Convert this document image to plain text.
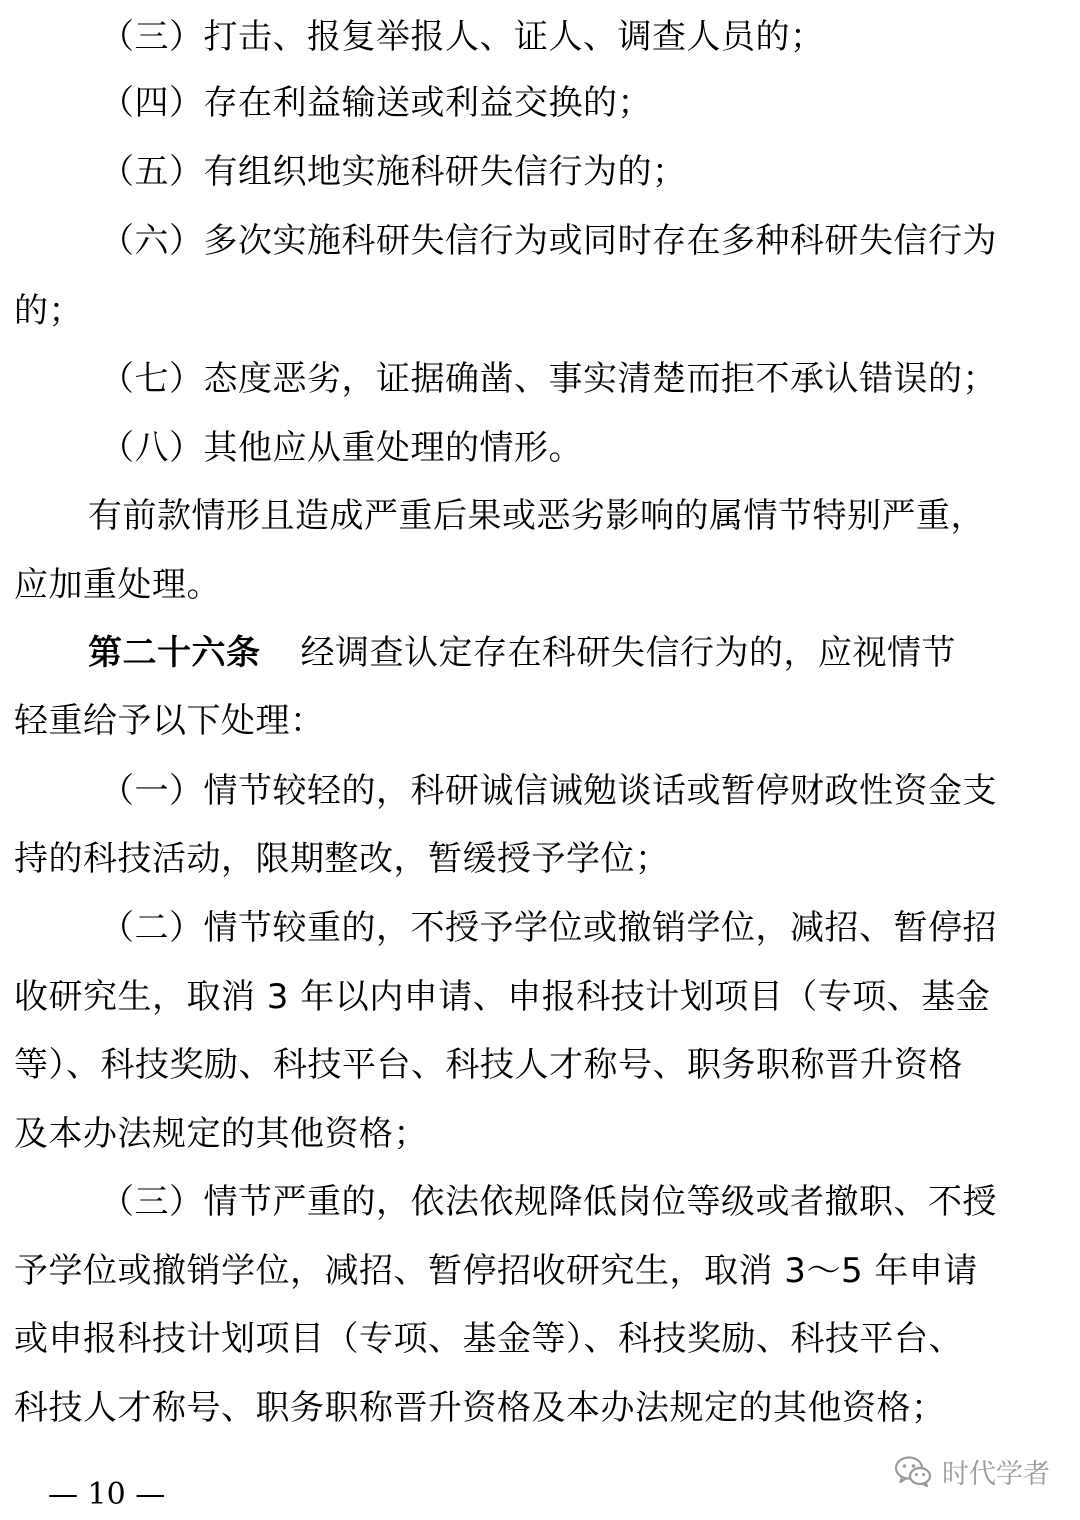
（三）打击、报复举报人、证人、调查人员的；
（四）存在利益输送或利益交换的；
（五）有组织地实施科研失信行为的；
（六）多次实施科研失信行为或同时存在多种科研失信行为
的；
（七）态度恶劣，证据确凿、事实清楚而拒不承认错误的；
（八）其他应从重处理的情形。
有前款情形且造成严重后果或恶劣影响的属情节特别严重，
应加重处理。
第二十六条 经调查认定存在科研失信行为的，应视情节
轻重给予以下处理：
（一）情节较轻的，科研诚信诫勉谈话或暂停财政性资金支
持的科技活动，限期整改，暂缓授予学位；
（二）情节较重的，不授予学位或撤销学位，减招、暂停招
收研究生，取消 3 年以内申请、申报科技计划项目（专项、基金
等）、科技奖励、科技平台、科技人才称号、职务职称晋升资格
及本办法规定的其他资格；
（三）情节严重的，依法依规降低岗位等级或者撤职、不授
予学位或撤销学位，减招、暂停招收研究生，取消 3～5 年申请
或申报科技计划项目（专项、基金等）、科技奖励、科技平台、
科技人才称号、职务职称晋升资格及本办法规定的其他资格；
— 10 —
时代学者
